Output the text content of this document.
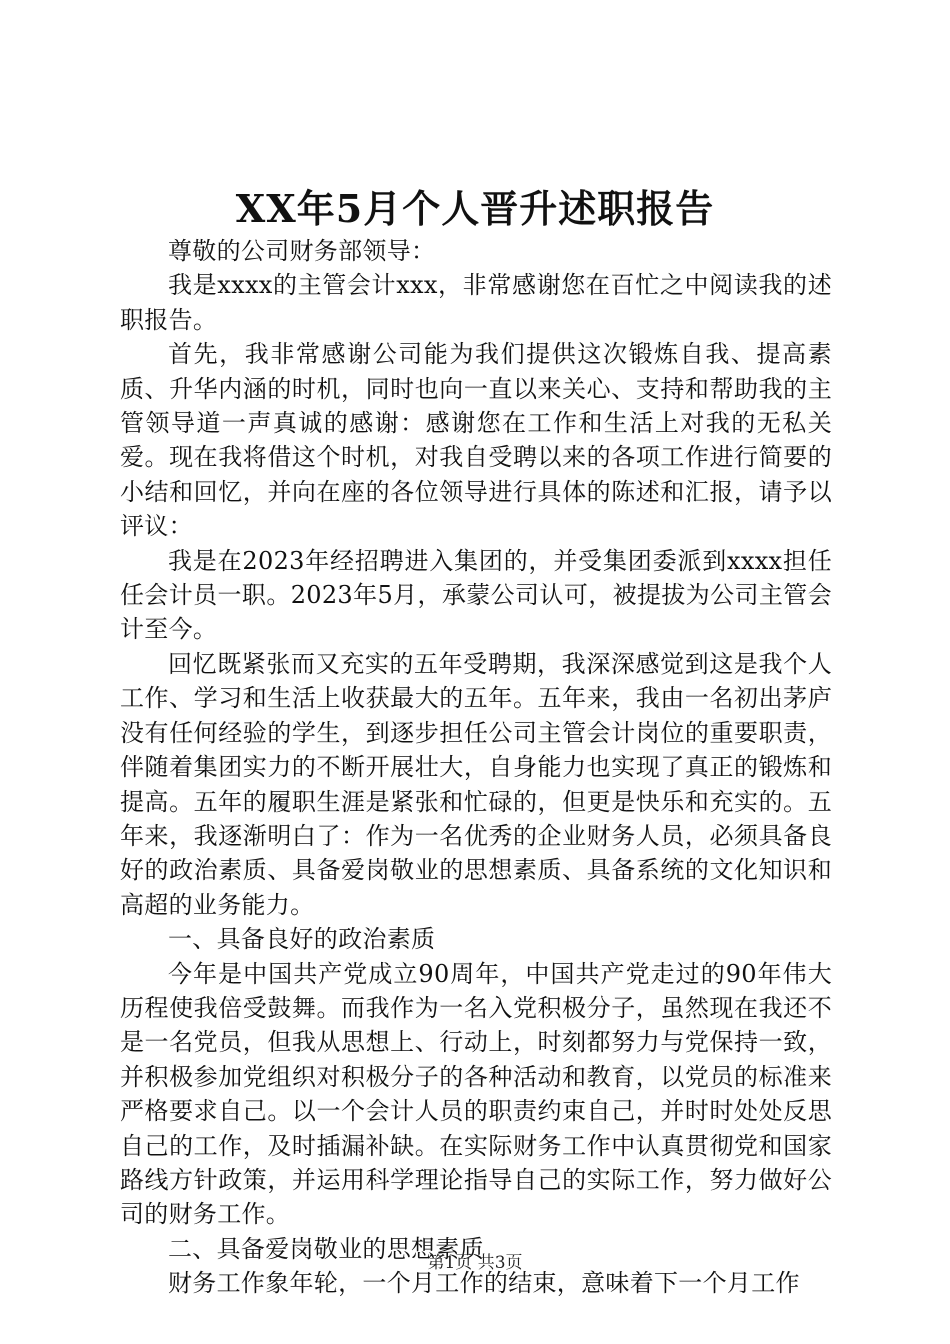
XX年5月个人晋升述职报告

尊敬的公司财务部领导：

我是xxxx的主管会计xxx，非常感谢您在百忙之中阅读我的述职报告。

首先，我非常感谢公司能为我们提供这次锻炼自我、提高素质、升华内涵的时机，同时也向一直以来关心、支持和帮助我的主管领导道一声真诚的感谢：感谢您在工作和生活上对我的无私关爱。现在我将借这个时机，对我自受聘以来的各项工作进行简要的小结和回忆，并向在座的各位领导进行具体的陈述和汇报，请予以评议：

我是在2023年经招聘进入集团的，并受集团委派到xxxx担任任会计员一职。2023年5月，承蒙公司认可，被提拔为公司主管会计至今。

回忆既紧张而又充实的五年受聘期，我深深感觉到这是我个人工作、学习和生活上收获最大的五年。五年来，我由一名初出茅庐没有任何经验的学生，到逐步担任公司主管会计岗位的重要职责，伴随着集团实力的不断开展壮大，自身能力也实现了真正的锻炼和提高。五年的履职生涯是紧张和忙碌的，但更是快乐和充实的。五年来，我逐渐明白了：作为一名优秀的企业财务人员，必须具备良好的政治素质、具备爱岗敬业的思想素质、具备系统的文化知识和高超的业务能力。

一、具备良好的政治素质

今年是中国共产党成立90周年，中国共产党走过的90年伟大历程使我倍受鼓舞。而我作为一名入党积极分子，虽然现在我还不是一名党员，但我从思想上、行动上，时刻都努力与党保持一致，并积极参加党组织对积极分子的各种活动和教育，以党员的标准来严格要求自己。以一个会计人员的职责约束自己，并时时处处反思自己的工作，及时插漏补缺。在实际财务工作中认真贯彻党和国家路线方针政策，并运用科学理论指导自己的实际工作，努力做好公司的财务工作。

二、具备爱岗敬业的思想素质

财务工作象年轮，一个月工作的结束，意味着下一个月工作

第1页 共3页
